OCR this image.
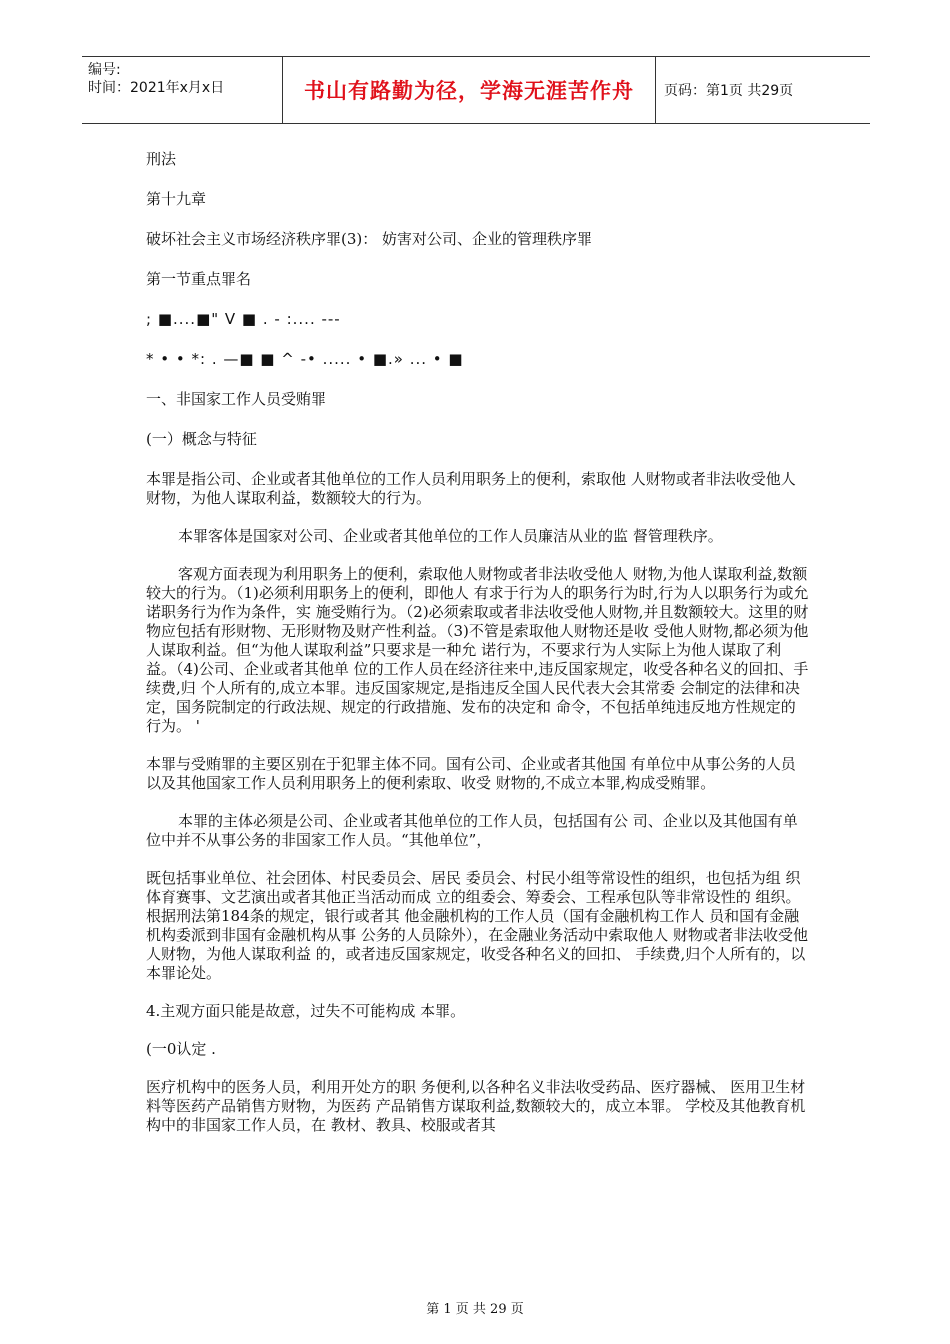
编号:
时间：2021年x月x日	书山有路勤为径，学海无涯苦作舟 页码：第1页 共29页

刑法

第十九章

破坏社会主义市场经济秩序罪(3)： 妨害对公司、企业的管理秩序罪

第一节重点罪名

; ■....■" V ■ . - :.... ---

* • • *: . —■ ■ ^ -• ..... • ■.» ... • ■

一、非国家工作人员受贿罪

(一）概念与特征

本罪是指公司、企业或者其他单位的工作人员利用职务上的便利，索取他 人财物或者非法收受他人财物，为他人谋取利益，数额较大的行为。

本罪客体是国家对公司、企业或者其他单位的工作人员廉洁从业的监 督管理秩序。

客观方面表现为利用职务上的便利，索取他人财物或者非法收受他人 财物,为他人谋取利益,数额较大的行为。（1)必须利用职务上的便利，即他人 有求于行为人的职务行为时,行为人以职务行为或允诺职务行为作为条件，实 施受贿行为。（2)必须索取或者非法收受他人财物,并且数额较大。这里的财 物应包括有形财物、无形财物及财产性利益。（3)不管是索取他人财物还是收 受他人财物,都必须为他人谋取利益。但“为他人谋取利益”只要求是一种允 诺行为，不要求行为人实际上为他人谋取了利益。（4)公司、企业或者其他单 位的工作人员在经济往来中,违反国家规定，收受各种名义的回扣、手续费,归 个人所有的,成立本罪。违反国家规定,是指违反全国人民代表大会其常委 会制定的法律和决定，国务院制定的行政法规、规定的行政措施、发布的决定和 命令，不包括单纯违反地方性规定的行为。 '

本罪与受贿罪的主要区别在于犯罪主体不同。国有公司、企业或者其他国 有单位中从事公务的人员以及其他国家工作人员利用职务上的便利索取、收受 财物的,不成立本罪,构成受贿罪。

本罪的主体必须是公司、企业或者其他单位的工作人员，包括国有公 司、企业以及其他国有单位中并不从事公务的非国家工作人员。“其他单位”，

既包括事业单位、社会团体、村民委员会、居民 委员会、村民小组等常设性的组织，也包括为组 织体育赛事、文艺演出或者其他正当活动而成 立的组委会、筹委会、工程承包队等非常设性的 组织。根据刑法第184条的规定，银行或者其 他金融机构的工作人员（国有金融机构工作人 员和国有金融机构委派到非国有金融机构从事 公务的人员除外），在金融业务活动中索取他人 财物或者非法收受他人财物，为他人谋取利益 的，或者违反国家规定，收受各种名义的回扣、 手续费,归个人所有的，以本罪论处。

4.主观方面只能是故意，过失不可能构成 本罪。

(一0认定 .

医疗机构中的医务人员，利用开处方的职 务便利,以各种名义非法收受药品、医疗器械、 医用卫生材料等医药产品销售方财物，为医药 产品销售方谋取利益,数额较大的，成立本罪。 学校及其他教育机构中的非国家工作人员，在 教材、教具、校服或者其

第 1 页 共 29 页
